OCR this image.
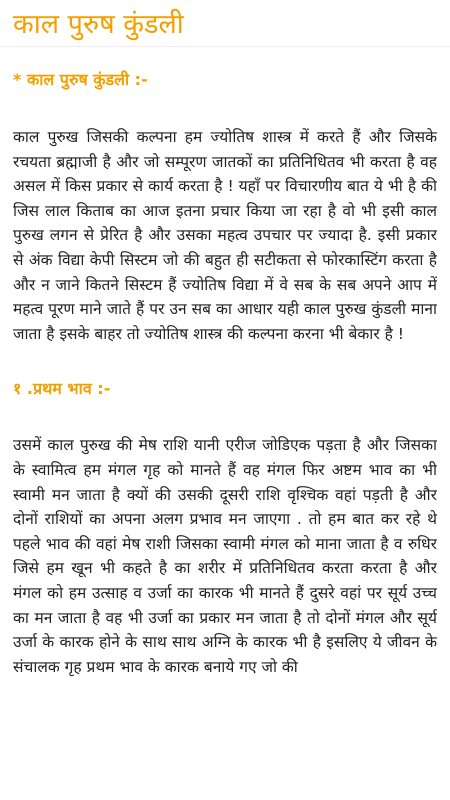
काल पुरुष कुंडली
* काल पुरुष कुंडली :-

काल पुरुख जिसकी कल्पना हम ज्योतिष शास्त्र में करते हैं और जिसके रचयता ब्रह्माजी है और जो सम्पूरण जातकों का प्रतिनिधितव भी करता है वह असल में किस प्रकार से कार्य करता है ! यहाँ पर विचारणीय बात ये भी है की जिस लाल किताब का आज इतना प्रचार किया जा रहा है वो भी इसी काल पुरुख लगन से प्रेरित है और उसका महत्व उपचार पर ज्यादा है. इसी प्रकार से अंक विद्या केपी सिस्टम जो की बहुत ही सटीकता से फोरकास्टिंग करता है और न जाने कितने सिस्टम हैं ज्योतिष विद्या में वे सब के सब अपने आप में महत्व पूरण माने जाते हैं पर उन सब का आधार यही काल पुरुख कुंडली माना जाता है इसके बाहर तो ज्योतिष शास्त्र की कल्पना करना भी बेकार है !

१ .प्रथम भाव :-

उसमें काल पुरुख की मेष राशि यानी एरीज जोडिएक पड़ता है और जिसका के स्वामित्व हम मंगल गृह को मानते हैं वह मंगल फिर अष्टम भाव का भी स्वामी मन जाता है क्यों की उसकी दूसरी राशि वृश्चिक वहां पड़ती है और दोनों राशियों का अपना अलग प्रभाव मन जाएगा . तो हम बात कर रहे थे पहले भाव की वहां मेष राशी जिसका स्वामी मंगल को माना जाता है व रुधिर जिसे हम खून भी कहते है का शरीर में प्रतिनिधितव करता करता है और मंगल को हम उत्साह व उर्जा का कारक भी मानते हैं दुसरे वहां पर सूर्य उच्च का मन जाता है वह भी उर्जा का प्रकार मन जाता है तो दोनों मंगल और सूर्य उर्जा के कारक होने के साथ साथ अग्नि के कारक भी है इसलिए ये जीवन के संचालक गृह प्रथम भाव के कारक बनाये गए जो की
